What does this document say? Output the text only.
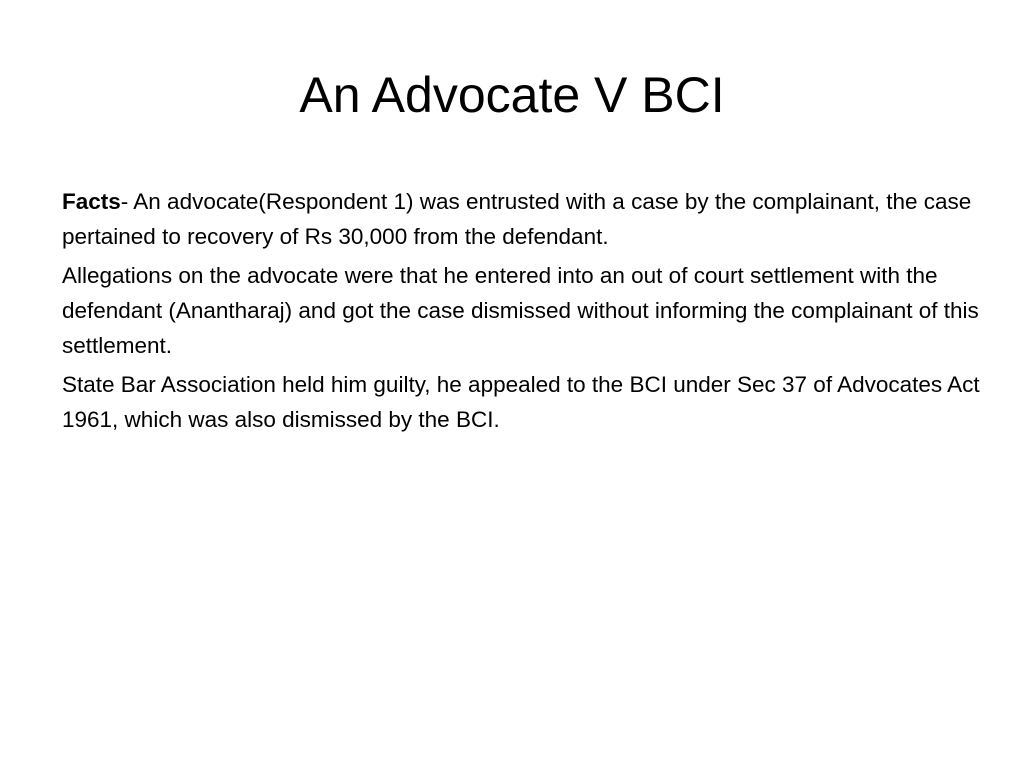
An Advocate V BCI

Facts- An advocate(Respondent 1) was entrusted with a case by the complainant, the case pertained to recovery of Rs 30,000 from the defendant.

Allegations on the advocate were that he entered into an out of court settlement with the defendant (Anantharaj) and got the case dismissed without informing the complainant of this settlement.

State Bar Association held him guilty, he appealed to the BCI under Sec 37 of Advocates Act 1961, which was also dismissed by the BCI.
